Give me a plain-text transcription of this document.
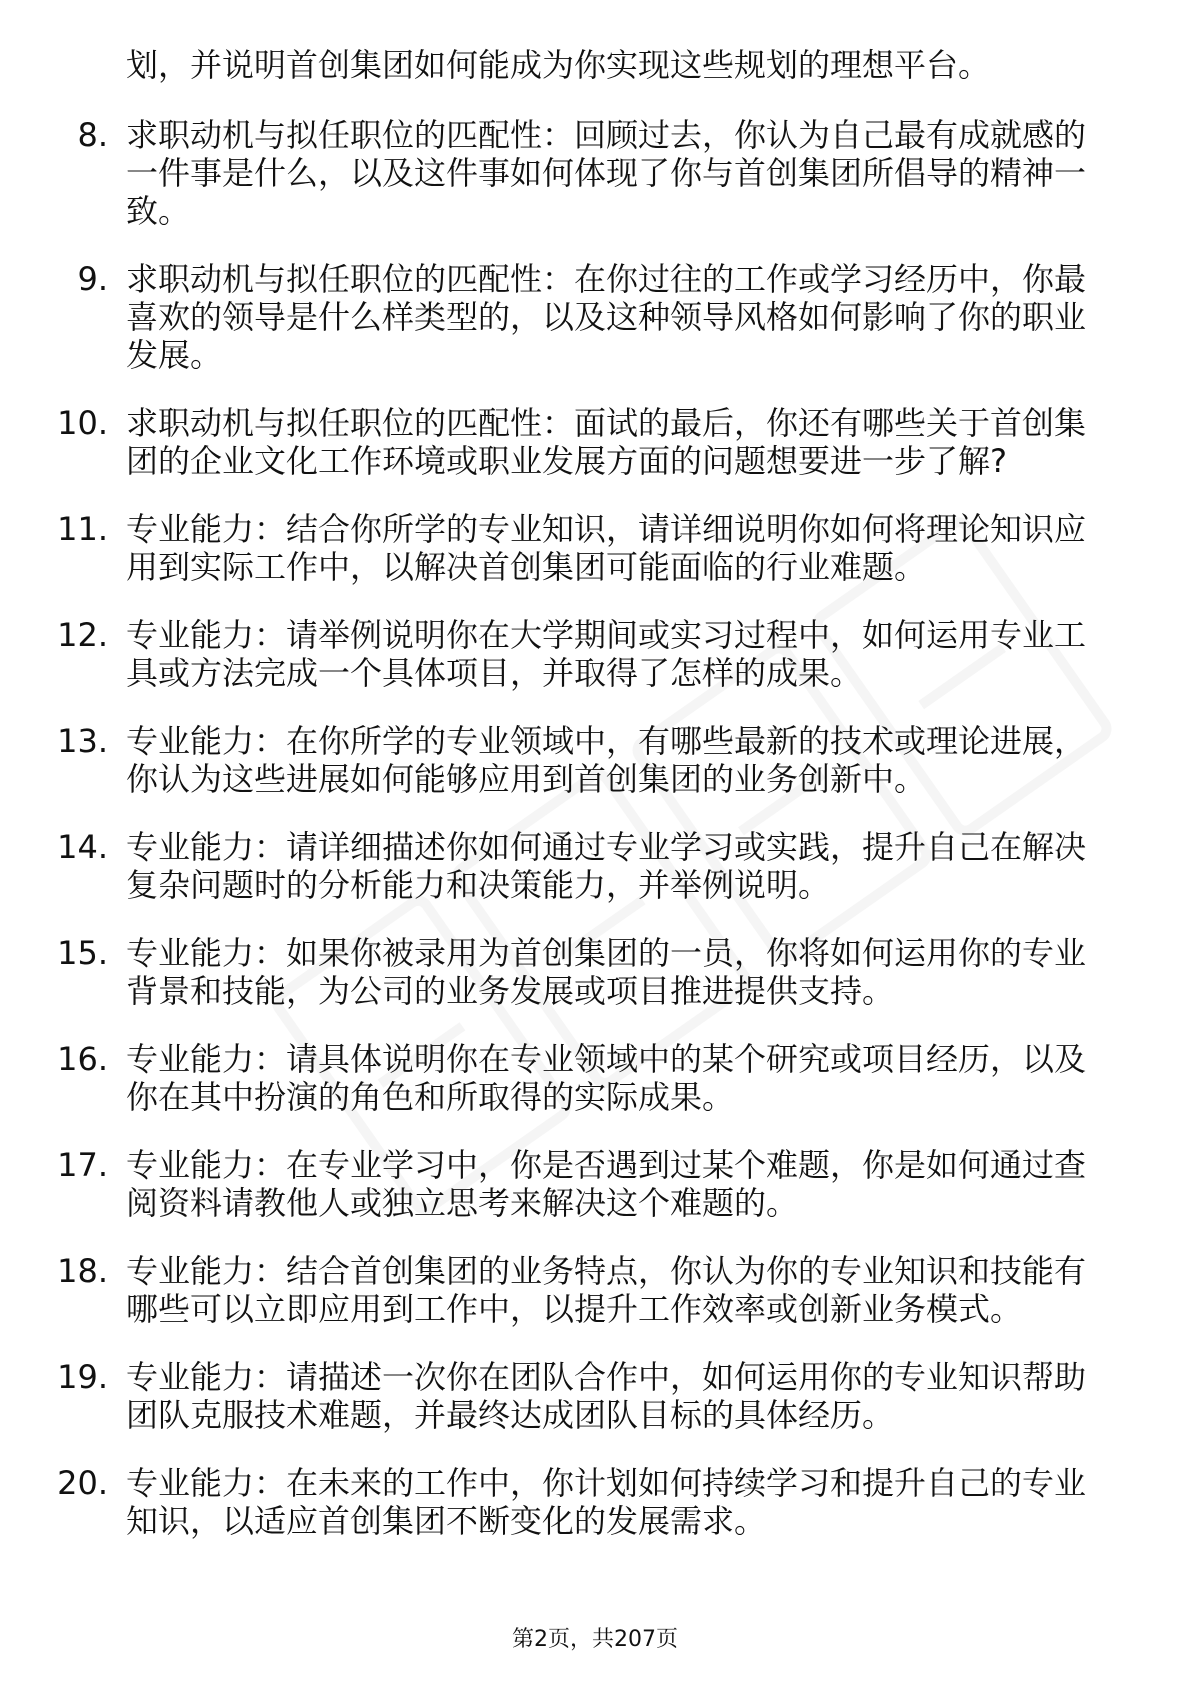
划，并说明首创集团如何能成为你实现这些规划的理想平台。
8. 求职动机与拟任职位的匹配性：回顾过去，你认为自己最有成就感的一件事是什么，以及这件事如何体现了你与首创集团所倡导的精神一致。
9. 求职动机与拟任职位的匹配性：在你过往的工作或学习经历中，你最喜欢的领导是什么样类型的，以及这种领导风格如何影响了你的职业发展。
10. 求职动机与拟任职位的匹配性：面试的最后，你还有哪些关于首创集团的企业文化工作环境或职业发展方面的问题想要进一步了解?
11. 专业能力：结合你所学的专业知识，请详细说明你如何将理论知识应用到实际工作中，以解决首创集团可能面临的行业难题。
12. 专业能力：请举例说明你在大学期间或实习过程中，如何运用专业工具或方法完成一个具体项目，并取得了怎样的成果。
13. 专业能力：在你所学的专业领域中，有哪些最新的技术或理论进展，你认为这些进展如何能够应用到首创集团的业务创新中。
14. 专业能力：请详细描述你如何通过专业学习或实践，提升自己在解决复杂问题时的分析能力和决策能力，并举例说明。
15. 专业能力：如果你被录用为首创集团的一员，你将如何运用你的专业背景和技能，为公司的业务发展或项目推进提供支持。
16. 专业能力：请具体说明你在专业领域中的某个研究或项目经历，以及你在其中扮演的角色和所取得的实际成果。
17. 专业能力：在专业学习中，你是否遇到过某个难题，你是如何通过查阅资料请教他人或独立思考来解决这个难题的。
18. 专业能力：结合首创集团的业务特点，你认为你的专业知识和技能有哪些可以立即应用到工作中，以提升工作效率或创新业务模式。
19. 专业能力：请描述一次你在团队合作中，如何运用你的专业知识帮助团队克服技术难题，并最终达成团队目标的具体经历。
20. 专业能力：在未来的工作中，你计划如何持续学习和提升自己的专业知识，以适应首创集团不断变化的发展需求。
第2页，共207页
